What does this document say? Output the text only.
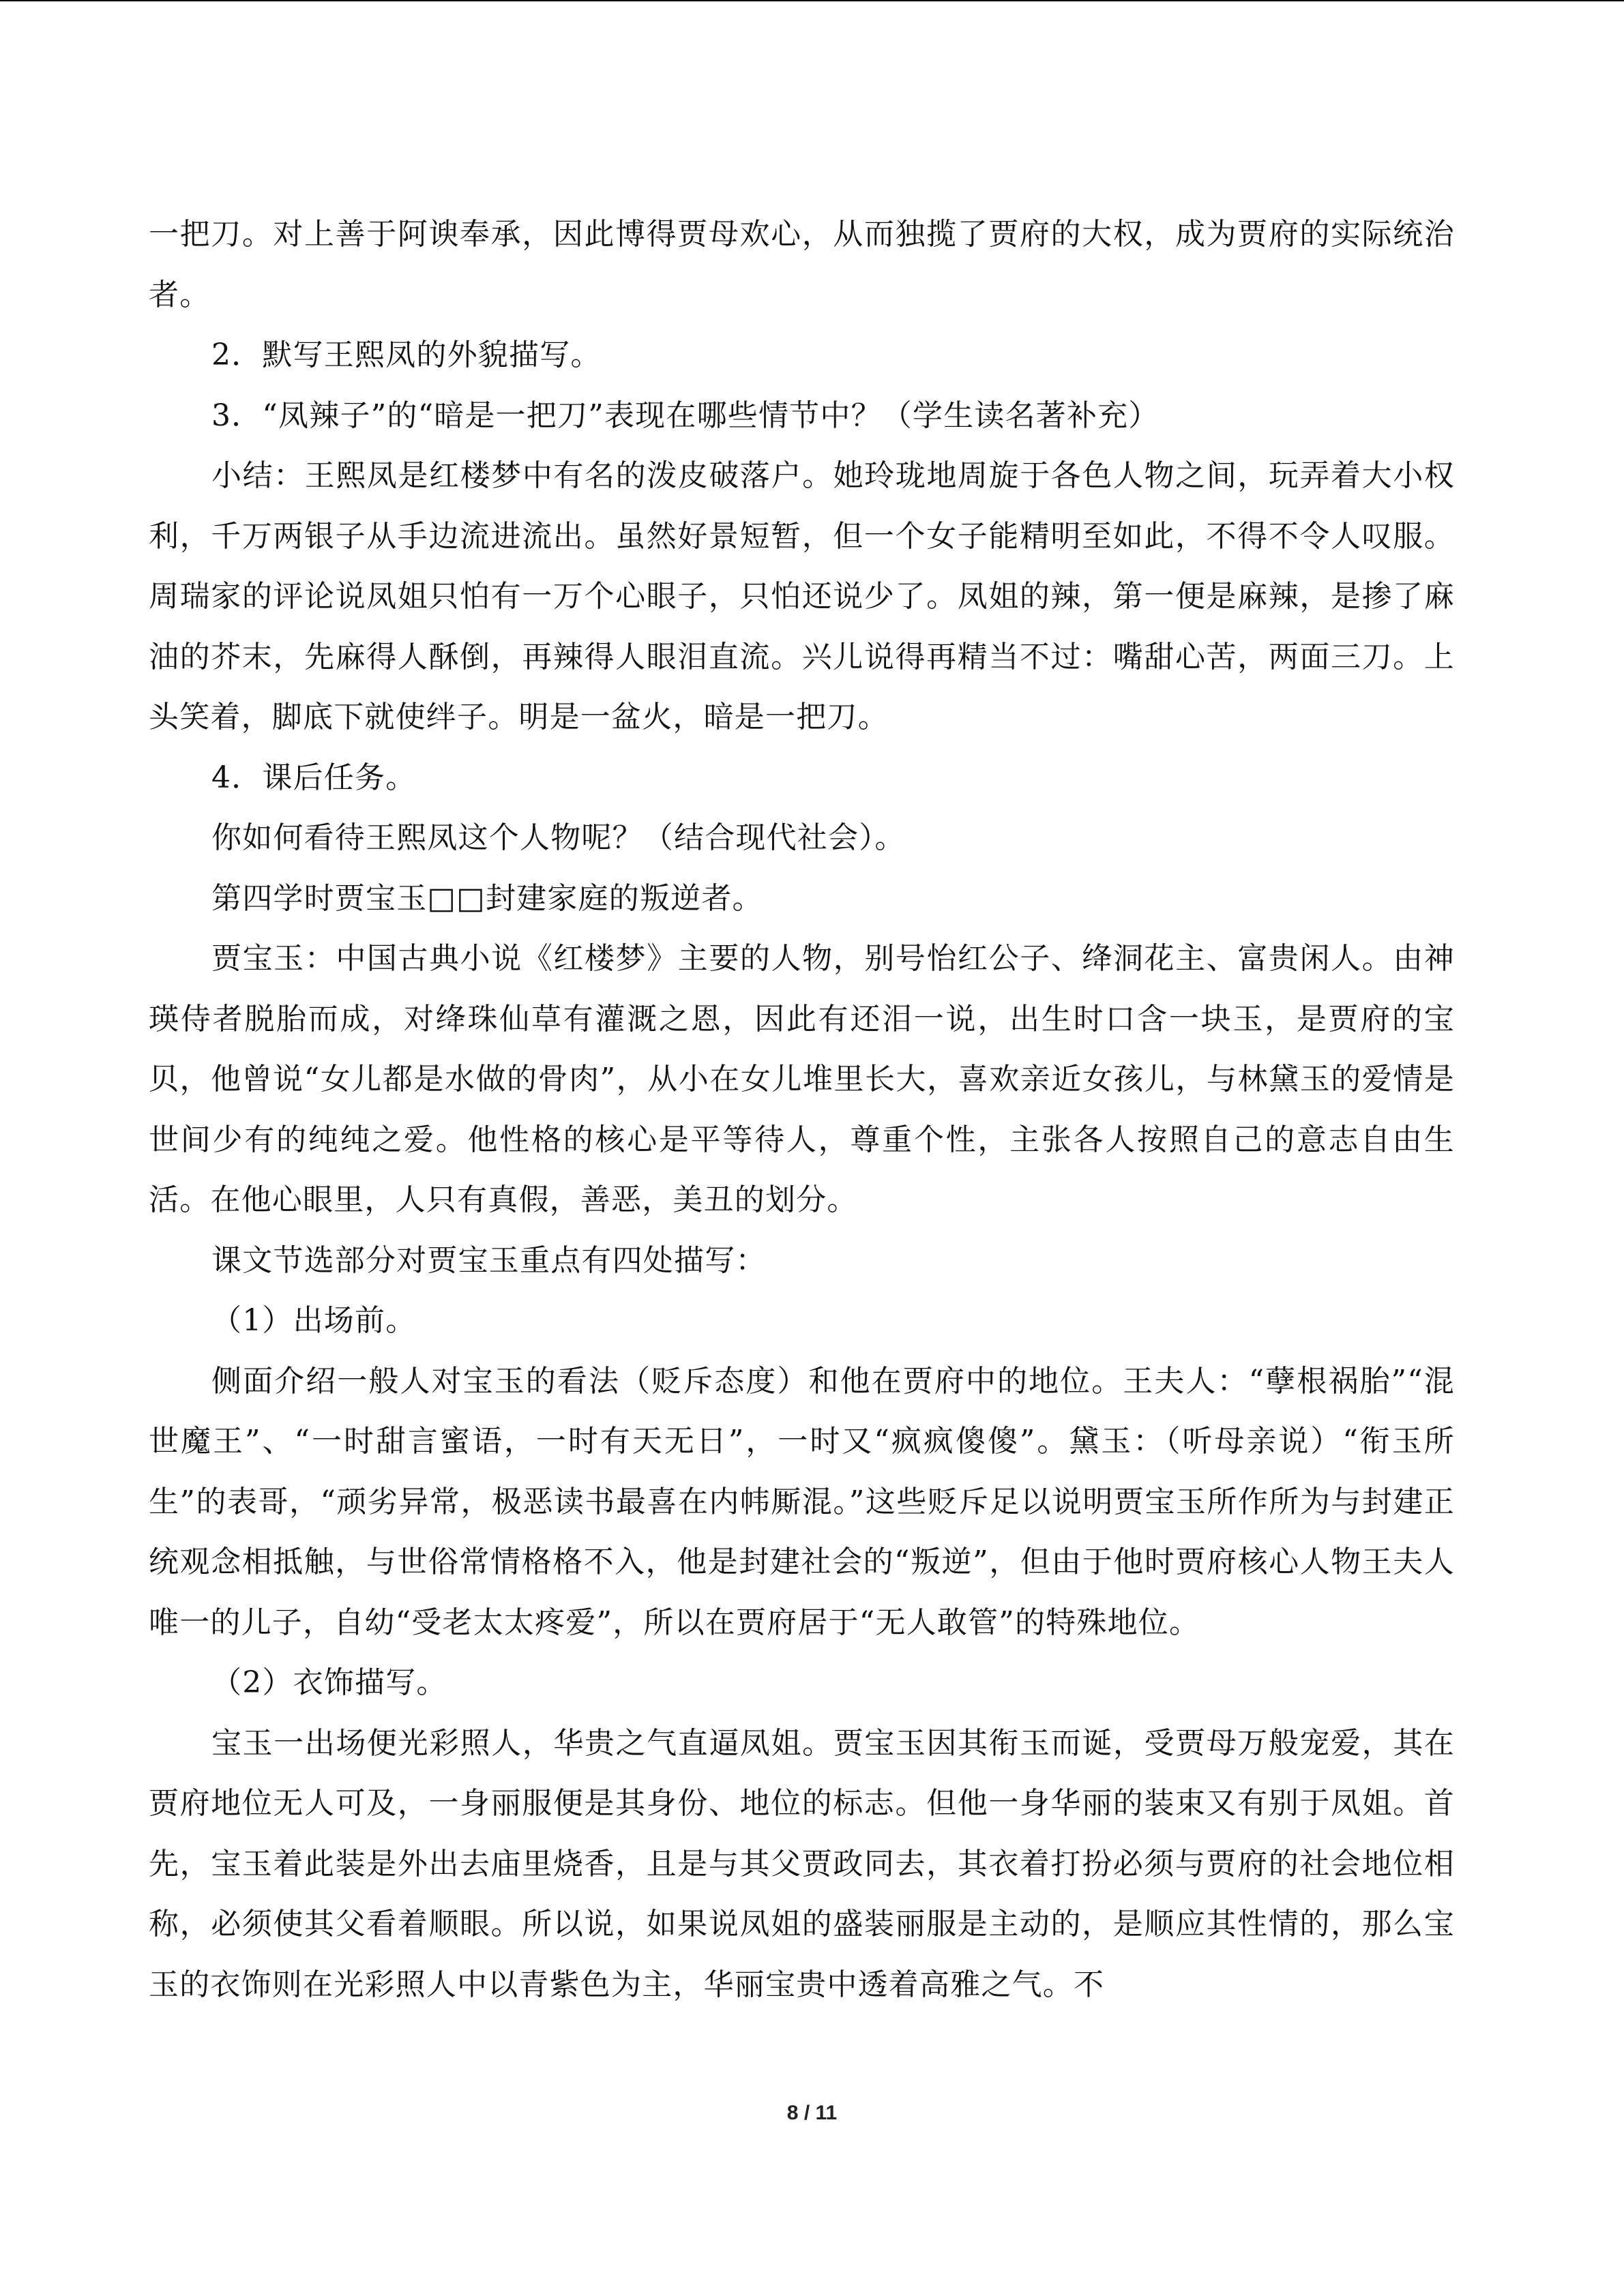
一把刀。对上善于阿谀奉承，因此博得贾母欢心，从而独揽了贾府的大权，成为贾府的实际统治者。

2．默写王熙凤的外貌描写。

3．“凤辣子”的“暗是一把刀”表现在哪些情节中？（学生读名著补充）

小结：王熙凤是红楼梦中有名的泼皮破落户。她玲珑地周旋于各色人物之间，玩弄着大小权利，千万两银子从手边流进流出。虽然好景短暂，但一个女子能精明至如此，不得不令人叹服。周瑞家的评论说凤姐只怕有一万个心眼子，只怕还说少了。凤姐的辣，第一便是麻辣，是掺了麻油的芥末，先麻得人酥倒，再辣得人眼泪直流。兴儿说得再精当不过：嘴甜心苦，两面三刀。上头笑着，脚底下就使绊子。明是一盆火，暗是一把刀。

4．课后任务。

你如何看待王熙凤这个人物呢？（结合现代社会）。

第四学时贾宝玉□□封建家庭的叛逆者。

贾宝玉：中国古典小说《红楼梦》主要的人物，别号怡红公子、绛洞花主、富贵闲人。由神瑛侍者脱胎而成，对绛珠仙草有灌溉之恩，因此有还泪一说，出生时口含一块玉，是贾府的宝贝，他曾说“女儿都是水做的骨肉”，从小在女儿堆里长大，喜欢亲近女孩儿，与林黛玉的爱情是世间少有的纯纯之爱。他性格的核心是平等待人，尊重个性，主张各人按照自己的意志自由生活。在他心眼里，人只有真假，善恶，美丑的划分。

课文节选部分对贾宝玉重点有四处描写：

（1）出场前。

侧面介绍一般人对宝玉的看法（贬斥态度）和他在贾府中的地位。王夫人：“孽根祸胎”“混世魔王”、“一时甜言蜜语，一时有天无日”，一时又“疯疯傻傻”。黛玉：（听母亲说）“衔玉所生”的表哥，“顽劣异常，极恶读书最喜在内帏厮混。”这些贬斥足以说明贾宝玉所作所为与封建正统观念相抵触，与世俗常情格格不入，他是封建社会的“叛逆”，但由于他时贾府核心人物王夫人唯一的儿子，自幼“受老太太疼爱”，所以在贾府居于“无人敢管”的特殊地位。

（2）衣饰描写。

宝玉一出场便光彩照人，华贵之气直逼凤姐。贾宝玉因其衔玉而诞，受贾母万般宠爱，其在贾府地位无人可及，一身丽服便是其身份、地位的标志。但他一身华丽的装束又有别于凤姐。首先，宝玉着此装是外出去庙里烧香，且是与其父贾政同去，其衣着打扮必须与贾府的社会地位相称，必须使其父看着顺眼。所以说，如果说凤姐的盛装丽服是主动的，是顺应其性情的，那么宝玉的衣饰则在光彩照人中以青紫色为主，华丽宝贵中透着高雅之气。不

8 / 11
